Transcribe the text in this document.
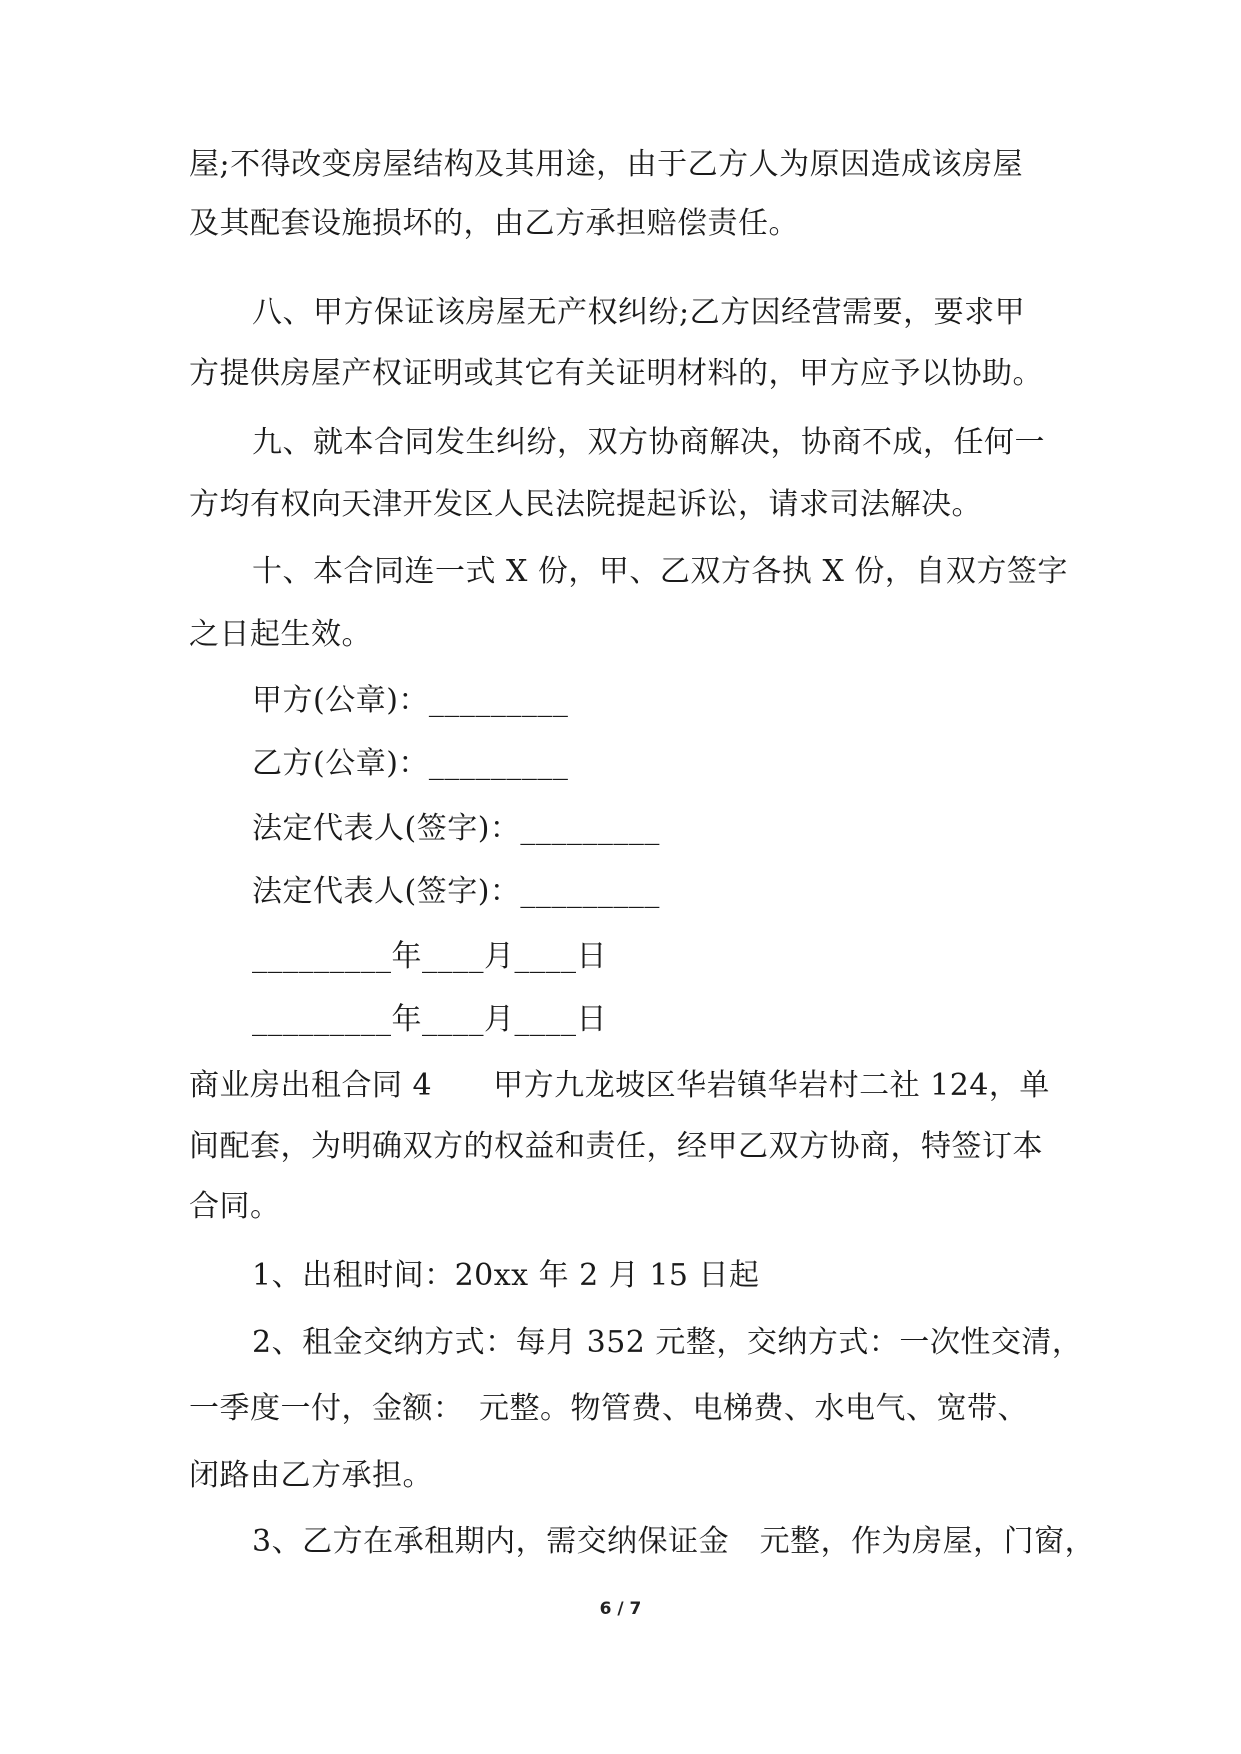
屋;不得改变房屋结构及其用途，由于乙方人为原因造成该房屋
及其配套设施损坏的，由乙方承担赔偿责任。
八、甲方保证该房屋无产权纠纷;乙方因经营需要，要求甲
方提供房屋产权证明或其它有关证明材料的，甲方应予以协助。
九、就本合同发生纠纷，双方协商解决，协商不成，任何一
方均有权向天津开发区人民法院提起诉讼，请求司法解决。
十、本合同连一式 X 份，甲、乙双方各执 X 份，自双方签字
之日起生效。
甲方(公章)：_________
乙方(公章)：_________
法定代表人(签字)：_________
法定代表人(签字)：_________
_________年____月____日
_________年____月____日
商业房出租合同 4　　甲方九龙坡区华岩镇华岩村二社 124，单
间配套，为明确双方的权益和责任，经甲乙双方协商，特签订本
合同。
1、出租时间：20xx 年 2 月 15 日起
2、租金交纳方式：每月 352 元整，交纳方式：一次性交清，
一季度一付，金额：　元整。物管费、电梯费、水电气、宽带、
闭路由乙方承担。
3、乙方在承租期内，需交纳保证金　元整，作为房屋，门窗，
6 / 7
